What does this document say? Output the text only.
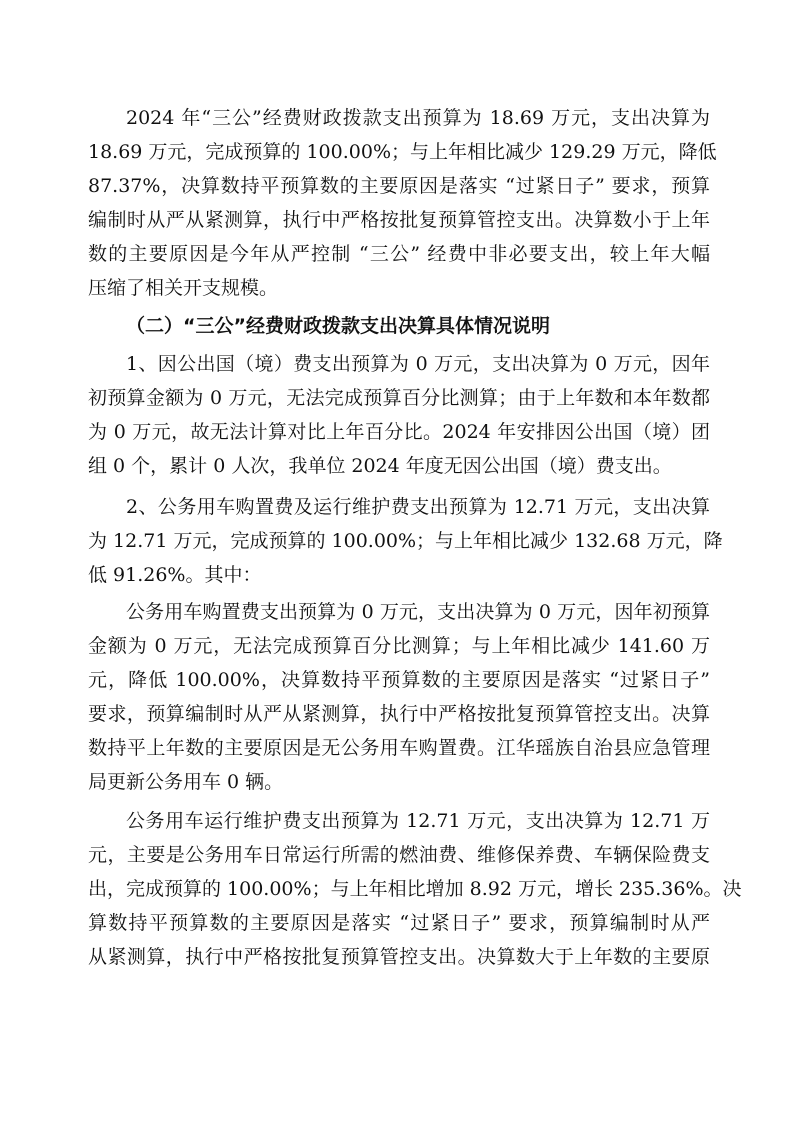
2024 年“三公”经费财政拨款支出预算为 18.69 万元，支出决算为
18.69 万元，完成预算的 100.00%；与上年相比减少 129.29 万元，降低
87.37%，决算数持平预算数的主要原因是落实 “过紧日子” 要求，预算
编制时从严从紧测算，执行中严格按批复预算管控支出。决算数小于上年
数的主要原因是今年从严控制 “三公” 经费中非必要支出，较上年大幅
压缩了相关开支规模。
（二）“三公”经费财政拨款支出决算具体情况说明
1、因公出国（境）费支出预算为 0 万元，支出决算为 0 万元，因年
初预算金额为 0 万元，无法完成预算百分比测算；由于上年数和本年数都
为 0 万元，故无法计算对比上年百分比。2024 年安排因公出国（境）团
组 0 个，累计 0 人次，我单位 2024 年度无因公出国（境）费支出。
2、公务用车购置费及运行维护费支出预算为 12.71 万元，支出决算
为 12.71 万元，完成预算的 100.00%；与上年相比减少 132.68 万元，降
低 91.26%。其中：
公务用车购置费支出预算为 0 万元，支出决算为 0 万元，因年初预算
金额为 0 万元，无法完成预算百分比测算；与上年相比减少 141.60 万
元，降低 100.00%，决算数持平预算数的主要原因是落实 “过紧日子”
要求，预算编制时从严从紧测算，执行中严格按批复预算管控支出。决算
数持平上年数的主要原因是无公务用车购置费。江华瑶族自治县应急管理
局更新公务用车 0 辆。
公务用车运行维护费支出预算为 12.71 万元，支出决算为 12.71 万
元，主要是公务用车日常运行所需的燃油费、维修保养费、车辆保险费支
出，完成预算的 100.00%；与上年相比增加 8.92 万元，增长 235.36%。决
算数持平预算数的主要原因是落实 “过紧日子” 要求，预算编制时从严
从紧测算，执行中严格按批复预算管控支出。决算数大于上年数的主要原
